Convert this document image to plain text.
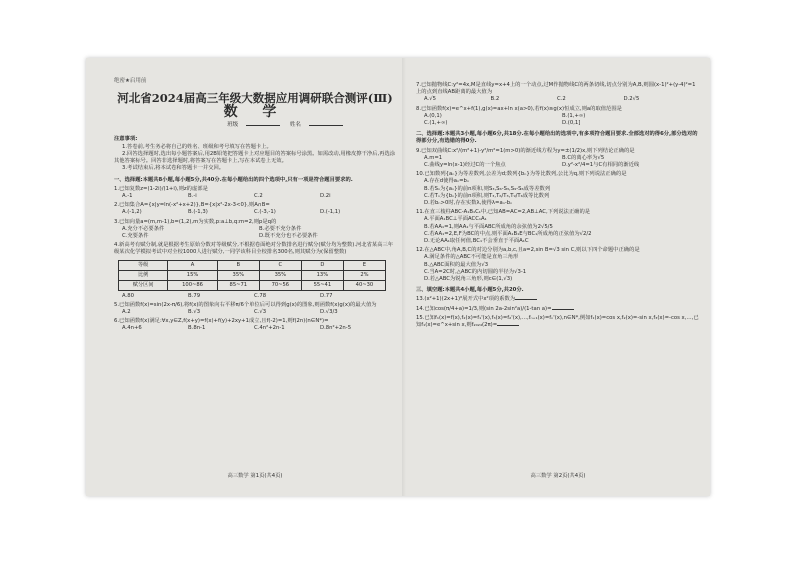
绝密★启用前
河北省2024届高三年级大数据应用调研联合测评(Ⅲ)
数 学
班级	姓名
注意事项:

1.答卷前,考生务必将自己的姓名、班级和考号填写在答题卡上。

2.回答选择题时,选出每小题答案后,用2B铅笔把答题卡上对应题目的答案标号涂黑。如需改动,用橡皮擦干净后,再选涂其他答案标号。回答非选择题时,将答案写在答题卡上,写在本试卷上无效。

3.考试结束后,将本试卷和答题卡一并交回。

一、选择题:本题共8小题,每小题5分,共40分.在每小题给出的四个选项中,只有一项是符合题目要求的.

1.已知复数z=(1-2i)/(1+i),则z的虚部是

A.-1	B.-i	C.2	D.2i

2.已知集合A={x|y=ln(-x²+x+2)},B={x|x²-2x-3<0},则A∩B=

A.(-1,2)	B.(-1,3)	C.(-3,-1)	D.(-1,1)

3.已知向量a=(m,m-1),b=(1,2),m为实数,p:a⊥b,q:m=2,则p是q的

A.充分不必要条件	B.必要不充分条件
C.充要条件	D.既不充分也不必要条件

4.新高考有赋分制,就是根据考生原始分数对等级赋分,不根据卷面绝对分数排名进行赋分(赋分均为整数).河北省某高三年级某次化学模拟考试中对全校1000人进行赋分,一同学该科目全校排名300名,则其赋分为(保留整数)

等级	A	B	C	D	E
比例	15%	35%	35%	13%	2%
赋分区间	100~86	85~71	70~56	55~41	40~30
A.80	B.79	C.78	D.77

5.已知函数f(x)=sin(2x-π/6),将f(x)的图象向右平移π/6个单位后可以得到g(x)的图象,则函数f(x)g(x)的最大值为

A.2	B.√3	C.√3	D.√3/3

6.已知函数f(x)满足:∀x,y∈Z,f(x+y)=f(x)+f(y)+2xy+1成立,且f(-2)=1,则f(2n)(n∈N*)=

A.4n+6	B.8n-1	C.4n²+2n-1	D.8n²+2n-5
高三数学 第1页(共4页)

7.已知抛物线C:y²=4x,M是直线y=x+4上的一个动点,过M作抛物线C的两条切线,切点分别为A,B,则圆(x-1)²+(y-4)²=1上的点到直线AB距离的最大值为

A.√5	B.2	C.2	D.2√5

8.已知函数f(x)=e^x+f(1),g(x)=ax+ln x(a>0),若f(x)≥g(x)恒成立,则a的取值范围是

A.(0,1)	B.(1,+∞)
C.(1,+∞)	D.(0,1]
二、选择题:本题共3小题,每小题6分,共18分.在每小题给出的选项中,有多项符合题目要求.全部选对的得6分,部分选对的得部分分,有选错的得0分.

9.已知双曲线C:x²/(m²+1)-y²/m²=1(m>0)的渐近线方程为y=±(1/2)x,则下列结论正确的是

A.m=1	B.C的离心率为√5
C.曲线y=ln(x-1)经过C的一个焦点	D.y²-x²/4=1与C有相同的渐近线

10.已知数列{aₙ}为等差数列,公差为d;数列{bₙ}为等比数列,公比为q,则下列说法正确的是

A.存在d使得aₙ=bₙ

B.若Sₙ为{aₙ}的前n项和,则S₃,S₆-S₃,S₉-S₆成等差数列

C.若Tₙ为{bₙ}的前n项积,则T₃,T₆/T₃,T₉/T₆成等比数列

D.若bₙ>0时,存在实数λ,使得λ=aₙ-bₙ

11.在直三棱柱ABC-A₁B₁C₁中,已知AB=AC=2,AB⊥AC,下列说法正确的是

A.平面A₁BC⊥平面ACC₁A₁

B.若AA₁=1,则AA₁与平面ABC所成角的余弦值为2√5/5

C.若AA₁=2,E,F为BC的中点,则平面A₁B₁E与BC₁所成角的正弦值为√2/2

D.无论AA₁取任何值,BC₁不会垂直于平面A₁C

12.在△ABC中,角A,B,C的对边分别为a,b,c,且a=2,sin B=√3 sin C,则以下四个命题中正确的是

A.满足条件的△ABC不可能是直角三角形

B.△ABC面积的最大值为√3

C.当A=2C时,△ABC的内切圆的半径为√3-1

D.若△ABC为锐角三角形,则c∈(1,√3)

三、填空题:本题共4小题,每小题5分,共20分.
13.(x²+1)(2x+1)⁶展开式中x²项的系数为
14.已知cos(π/4+a)=1/3,则(sin 2a-2sin²a)/(1-tan a)=
15.已知f₁(x)=f(x),f₂(x)=f₁'(x),f₃(x)=f₂'(x),…,fₙ₊₁(x)=fₙ'(x),n∈N*,例如f₁(x)=cos x,f₂(x)=-sin x,f₃(x)=-cos x,…,已知f₁(x)=e^x+sin x,则f₂₀₂₄(2π)=
高三数学 第2页(共4页)
